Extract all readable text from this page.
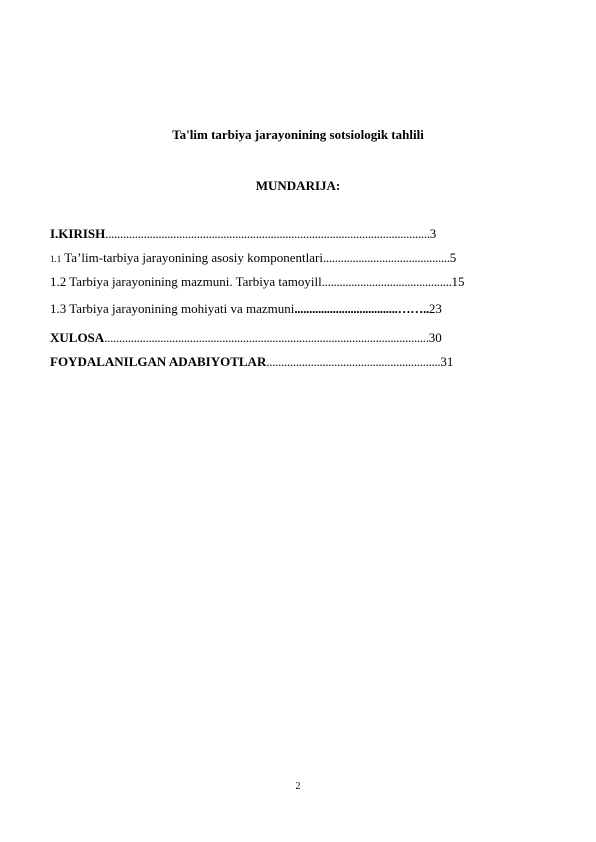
Ta'lim tarbiya jarayonining sotsiologik tahlili
MUNDARIJA:
I.KIRISH..............................................................................................................3
1.1 Ta’lim-tarbiya jarayonining asosiy komponentlari...........................................5
1.2 Tarbiya jarayonining mazmuni. Tarbiya tamoyill............................................15
1.3 Tarbiya jarayonining mohiyati va mazmuni...................................……..23
XULOSA..............................................................................................................30
FOYDALANILGAN ADABIYOTLAR...........................................................31
2
